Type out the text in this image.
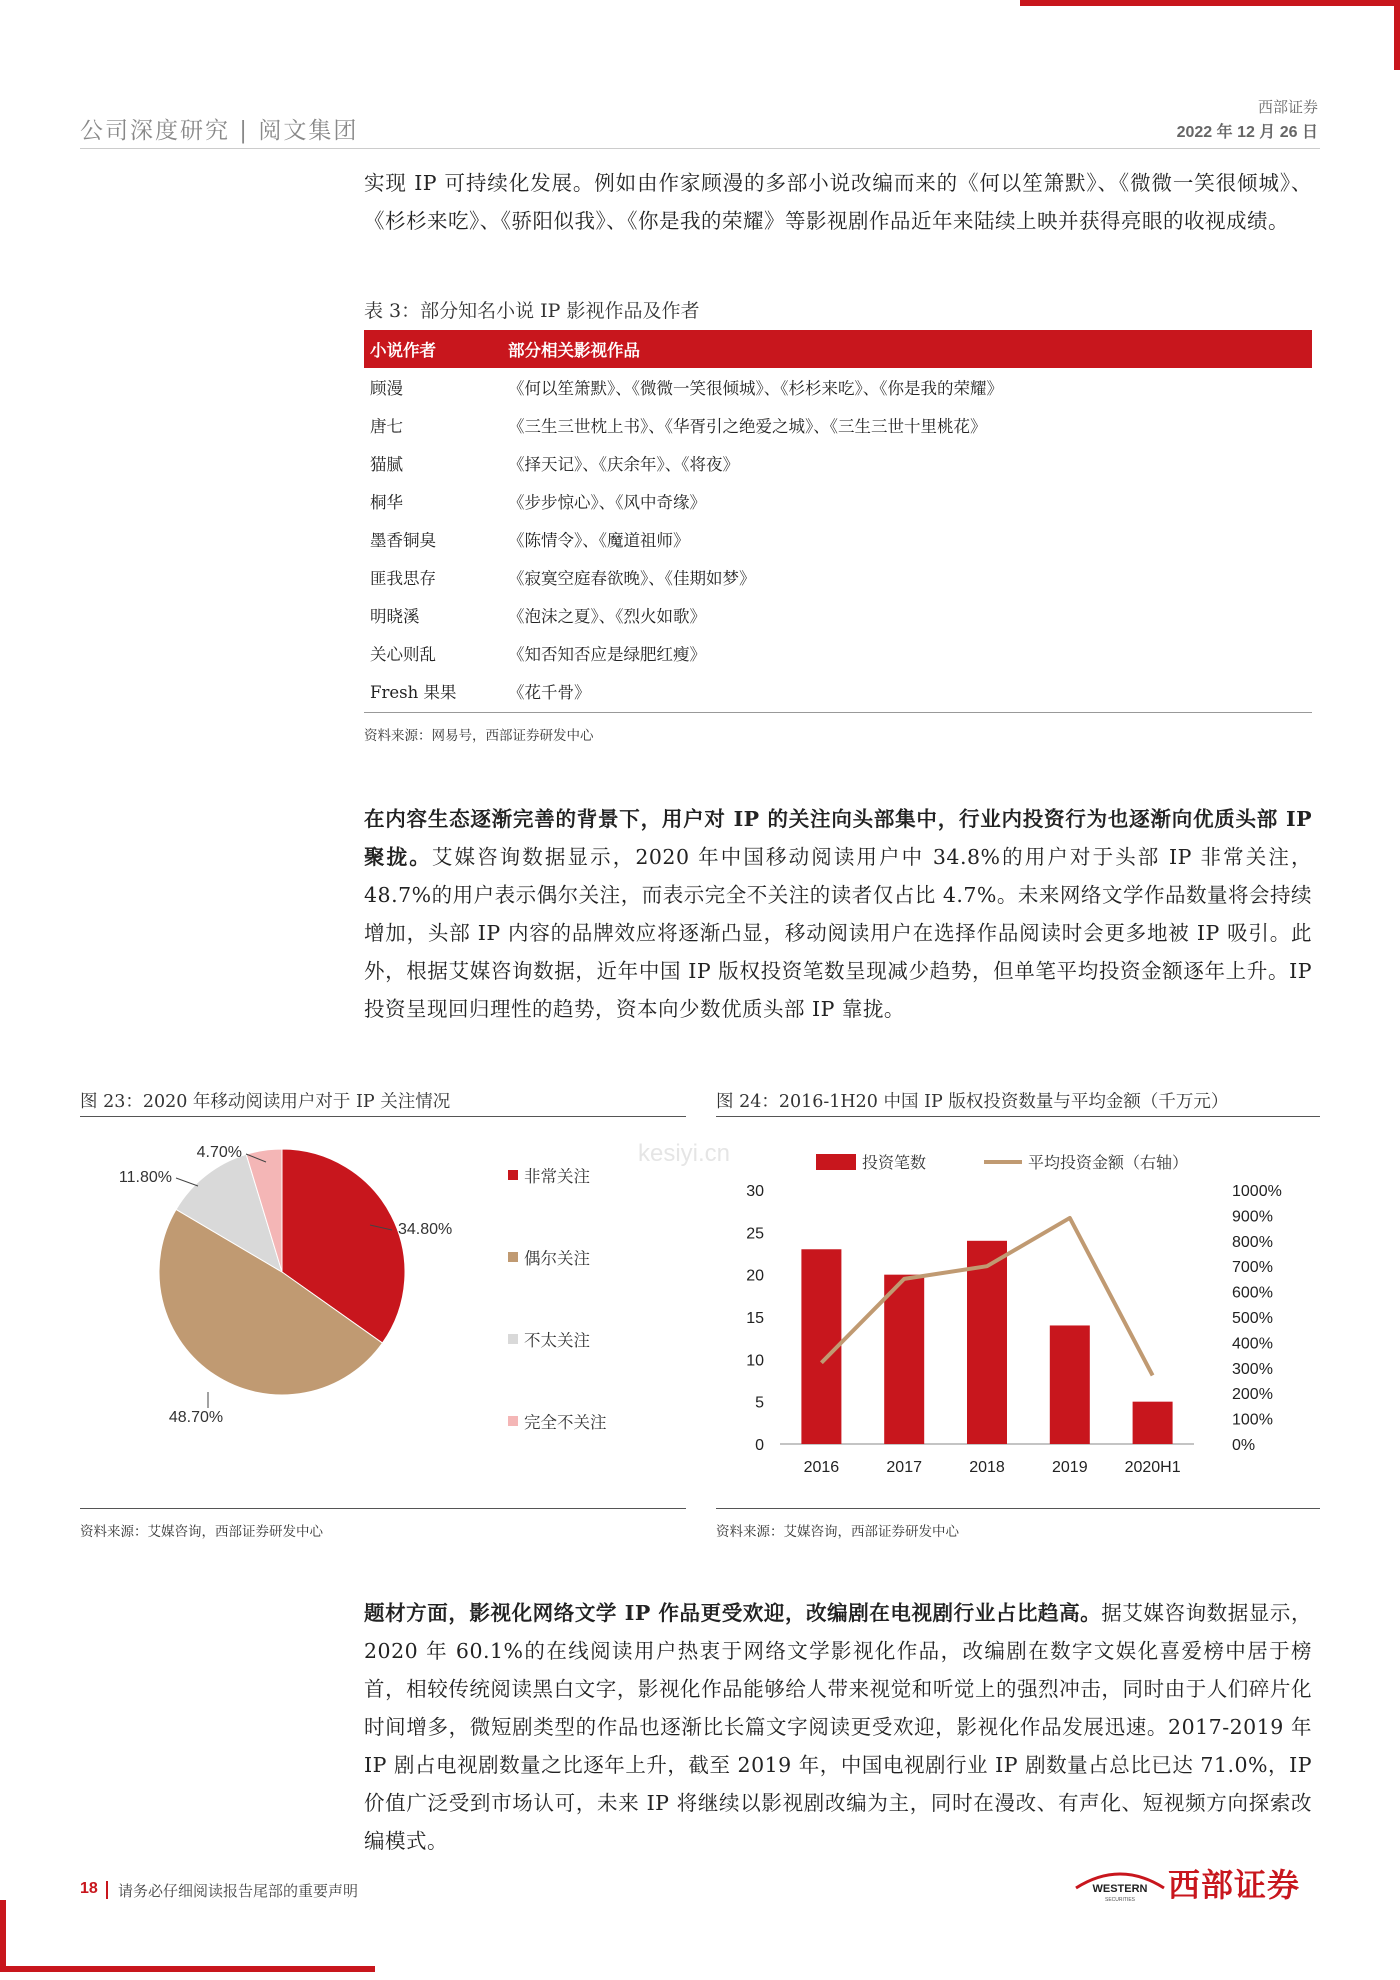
公司深度研究 | 阅文集团
西部证券
2022 年 12 月 26 日
实现 IP 可持续化发展。例如由作家顾漫的多部小说改编而来的《何以笙箫默》、《微微一笑很倾城》、《杉杉来吃》、《骄阳似我》、《你是我的荣耀》等影视剧作品近年来陆续上映并获得亮眼的收视成绩。
表 3：部分知名小说 IP 影视作品及作者
小说作者	部分相关影视作品
顾漫	《何以笙箫默》、《微微一笑很倾城》、《杉杉来吃》、《你是我的荣耀》
唐七	《三生三世枕上书》、《华胥引之绝爱之城》、《三生三世十里桃花》
猫腻	《择天记》、《庆余年》、《将夜》
桐华	《步步惊心》、《风中奇缘》
墨香铜臭	《陈情令》、《魔道祖师》
匪我思存	《寂寞空庭春欲晚》、《佳期如梦》
明晓溪	《泡沫之夏》、《烈火如歌》
关心则乱	《知否知否应是绿肥红瘦》
Fresh 果果	《花千骨》
资料来源：网易号，西部证券研发中心
在内容生态逐渐完善的背景下，用户对 IP 的关注向头部集中，行业内投资行为也逐渐向优质头部 IP 聚拢。艾媒咨询数据显示，2020 年中国移动阅读用户中 34.8%的用户对于头部 IP 非常关注，48.7%的用户表示偶尔关注，而表示完全不关注的读者仅占比 4.7%。未来网络文学作品数量将会持续增加，头部 IP 内容的品牌效应将逐渐凸显，移动阅读用户在选择作品阅读时会更多地被 IP 吸引。此外，根据艾媒咨询数据，近年中国 IP 版权投资笔数呈现减少趋势，但单笔平均投资金额逐年上升。IP 投资呈现回归理性的趋势，资本向少数优质头部 IP 靠拢。
kesiyi.cn
图 23：2020 年移动阅读用户对于 IP 关注情况
34.80%
48.70%
11.80%
4.70%
非常关注
偶尔关注
不太关注
完全不关注
资料来源：艾媒咨询，西部证券研发中心
图 24：2016-1H20 中国 IP 版权投资数量与平均金额（千万元）
0
5
10
15
20
25
30
0%
100%
200%
300%
400%
500%
600%
700%
800%
900%
1000%
2016	2017	2018	2019 2020H1
投资笔数	平均投资金额（右轴）
资料来源：艾媒咨询，西部证券研发中心
题材方面，影视化网络文学 IP 作品更受欢迎，改编剧在电视剧行业占比趋高。据艾媒咨询数据显示，2020 年 60.1%的在线阅读用户热衷于网络文学影视化作品，改编剧在数字文娱化喜爱榜中居于榜首，相较传统阅读黑白文字，影视化作品能够给人带来视觉和听觉上的强烈冲击，同时由于人们碎片化时间增多，微短剧类型的作品也逐渐比长篇文字阅读更受欢迎，影视化作品发展迅速。2017-2019 年 IP 剧占电视剧数量之比逐年上升，截至 2019 年，中国电视剧行业 IP 剧数量占总比已达 71.0%，IP 价值广泛受到市场认可，未来 IP 将继续以影视剧改编为主，同时在漫改、有声化、短视频方向探索改编模式。
18 请务必仔细阅读报告尾部的重要声明	WESTERN
SECURITIES 西部证券
